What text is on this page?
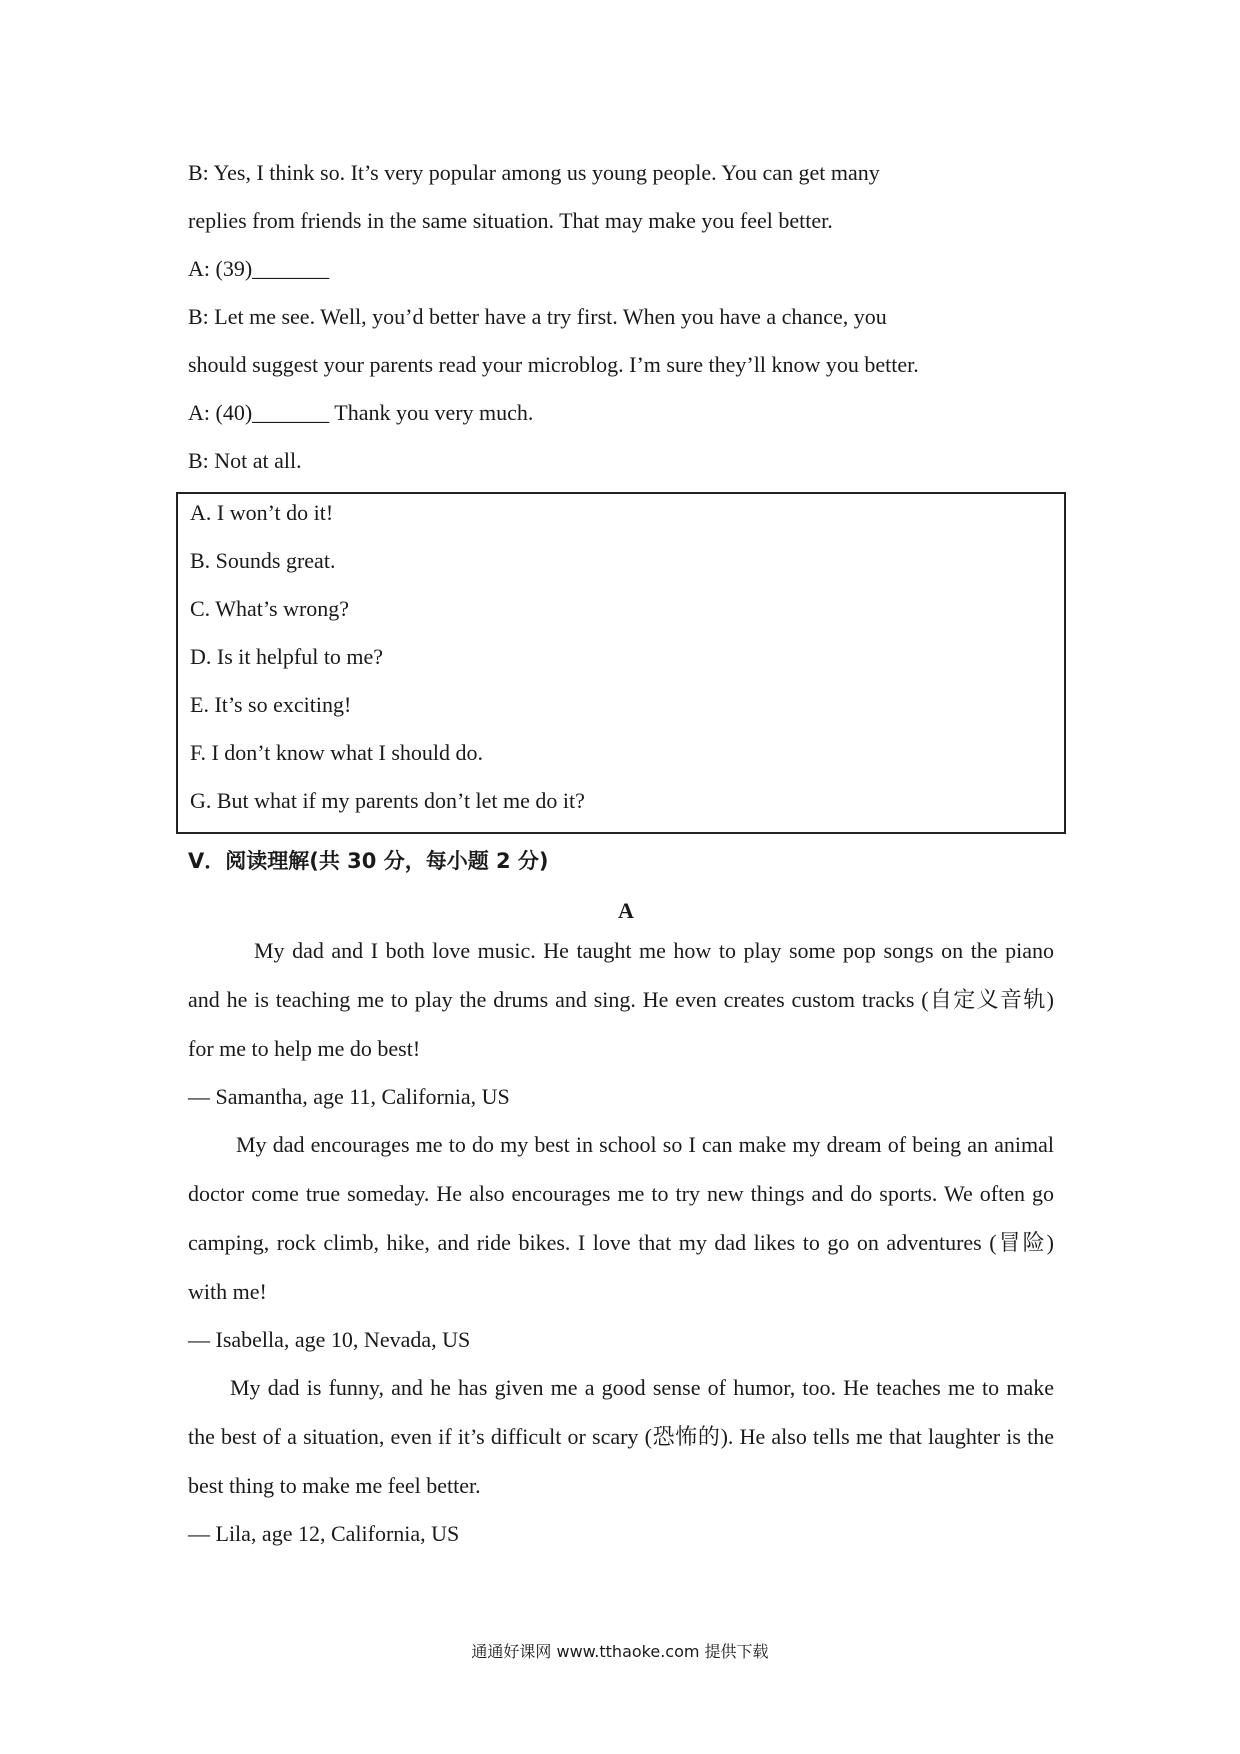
B: Yes, I think so. It’s very popular among us young people. You can get many
replies from friends in the same situation. That may make you feel better.
A: (39)_______
B: Let me see. Well, you’d better have a try first. When you have a chance, you
should suggest your parents read your microblog. I’m sure they’ll know you better.
A: (40)_______ Thank you very much.
B: Not at all.
A. I won’t do it!
B. Sounds great.
C. What’s wrong?
D. Is it helpful to me?
E. It’s so exciting!
F. I don’t know what I should do.
G. But what if my parents don’t let me do it?
V．阅读理解(共 30 分，每小题 2 分)
A
My dad and I both love music. He taught me how to play some pop songs on the piano and he is teaching me to play the drums and sing. He even creates custom tracks (自定义音轨) for me to help me do best!
— Samantha, age 11, California, US
My dad encourages me to do my best in school so I can make my dream of being an animal doctor come true someday. He also encourages me to try new things and do sports. We often go camping, rock climb, hike, and ride bikes. I love that my dad likes to go on adventures (冒险) with me!
— Isabella, age 10, Nevada, US
My dad is funny, and he has given me a good sense of humor, too. He teaches me to make the best of a situation, even if it’s difficult or scary (恐怖的). He also tells me that laughter is the best thing to make me feel better.
— Lila, age 12, California, US
通通好课网 www.tthaoke.com 提供下载
